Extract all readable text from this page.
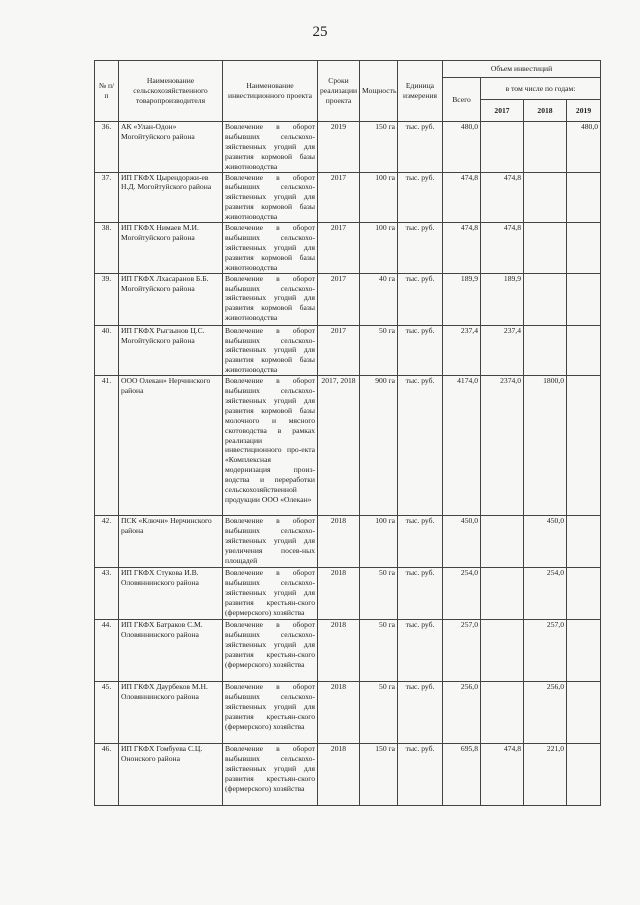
25
№ п/п	Наименование сельскохозяйственного товаропроизводителя	Наименование инвестиционного проекта	Сроки реализации проекта	Мощность	Единица измерения	Объем инвестиций			
						Всего	в том числе по годам:		
							2017	2018	2019
36.	АК «Улан-Одон» Могойтуйского района	Вовлечение в оборот выбывших сельскохо-зяйственных угодий для развития кормовой базы животноводства	2019	150 га	тыс. руб.	480,0			480,0
37.	ИП ГКФХ Цырендоржи-ев Н.Д. Могойтуйского района	Вовлечение в оборот выбывших сельскохо-зяйственных угодий для развития кормовой базы животноводства	2017	100 га	тыс. руб.	474,8	474,8		
38.	ИП ГКФХ Нимаев М.И. Могойтуйского района	Вовлечение в оборот выбывших сельскохо-зяйственных угодий для развития кормовой базы животноводства	2017	100 га	тыс. руб.	474,8	474,8		
39.	ИП ГКФХ Лхасаранов Б.Б. Могойтуйского района	Вовлечение в оборот выбывших сельскохо-зяйственных угодий для развития кормовой базы животноводства	2017	40 га	тыс. руб.	189,9	189,9		
40.	ИП ГКФХ Рыгзынов Ц.С. Могойтуйского района	Вовлечение в оборот выбывших сельскохо-зяйственных угодий для развития кормовой базы животноводства	2017	50 га	тыс. руб.	237,4	237,4		
41.	ООО Олекан» Нерчинского района	Вовлечение в оборот выбывших сельскохо-зяйственных угодий для развития кормовой базы молочного и мясного скотоводства в рамках реализации инвестиционного про-екта «Комплексная модернизация произ-водства и переработки сельскохозяйственной продукции ООО «Олекан»	2017, 2018	900 га	тыс. руб.	4174,0	2374,0	1800,0	
42.	ПСК «Ключи» Нерчинского района	Вовлечение в оборот выбывших сельскохо-зяйственных угодий для увеличения посев-ных площадей	2018	100 га	тыс. руб.	450,0		450,0	
43.	ИП ГКФХ Стукова И.В. Оловяннинского района	Вовлечение в оборот выбывших сельскохо-зяйственных угодий для развития крестьян-ского (фермерского) хозяйства	2018	50 га	тыс. руб.	254,0		254,0	
44.	ИП ГКФХ Батраков С.М. Оловяннинского района	Вовлечение в оборот выбывших сельскохо-зяйственных угодий для развития крестьян-ского (фермерского) хозяйства	2018	50 га	тыс. руб.	257,0		257,0	
45.	ИП ГКФХ Даурбеков М.Н. Оловяннинского района	Вовлечение в оборот выбывших сельскохо-зяйственных угодий для развития крестьян-ского (фермерского) хозяйства	2018	50 га	тыс. руб.	256,0		256,0	
46.	ИП ГКФХ Гомбуева С.Ц. Ононского района	Вовлечение в оборот выбывших сельскохо-зяйственных угодий для развития крестьян-ского (фермерского) хозяйства	2018	150 га	тыс. руб.	695,8	474,8	221,0	
